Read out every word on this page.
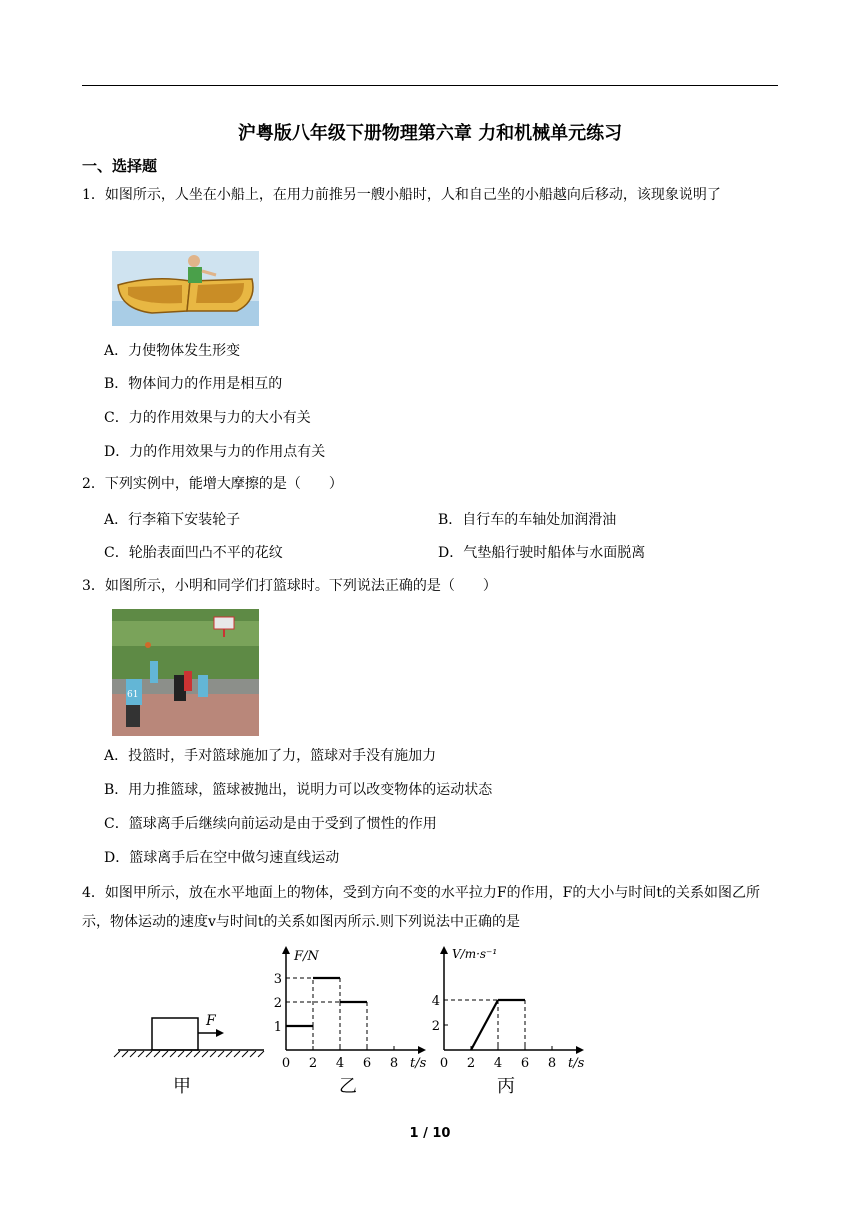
沪粤版八年级下册物理第六章 力和机械单元练习
一、选择题
1．如图所示，人坐在小船上，在用力前推另一艘小船时，人和自己坐的小船越向后移动，该现象说明了
A．力使物体发生形变
B．物体间力的作用是相互的
C．力的作用效果与力的大小有关
D．力的作用效果与力的作用点有关
2．下列实例中，能增大摩擦的是（　　）
A．行李箱下安装轮子	B．自行车的车轴处加润滑油
C．轮胎表面凹凸不平的花纹	D．气垫船行驶时船体与水面脱离
3．如图所示，小明和同学们打篮球时。下列说法正确的是（　　）
61
A．投篮时，手对篮球施加了力，篮球对手没有施加力
B．用力推篮球，篮球被抛出，说明力可以改变物体的运动状态
C．篮球离手后继续向前运动是由于受到了惯性的作用
D．篮球离手后在空中做匀速直线运动
4．如图甲所示，放在水平地面上的物体，受到方向不变的水平拉力F的作用，F的大小与时间t的关系如图乙所示，物体运动的速度v与时间t的关系如图丙所示.则下列说法中正确的是
F
甲
F/N
t/s
0 2 4 6 8
1
2
3
乙
V/m·s⁻¹
t/s
0 2 4 6 8
2
4
丙
1 / 10
